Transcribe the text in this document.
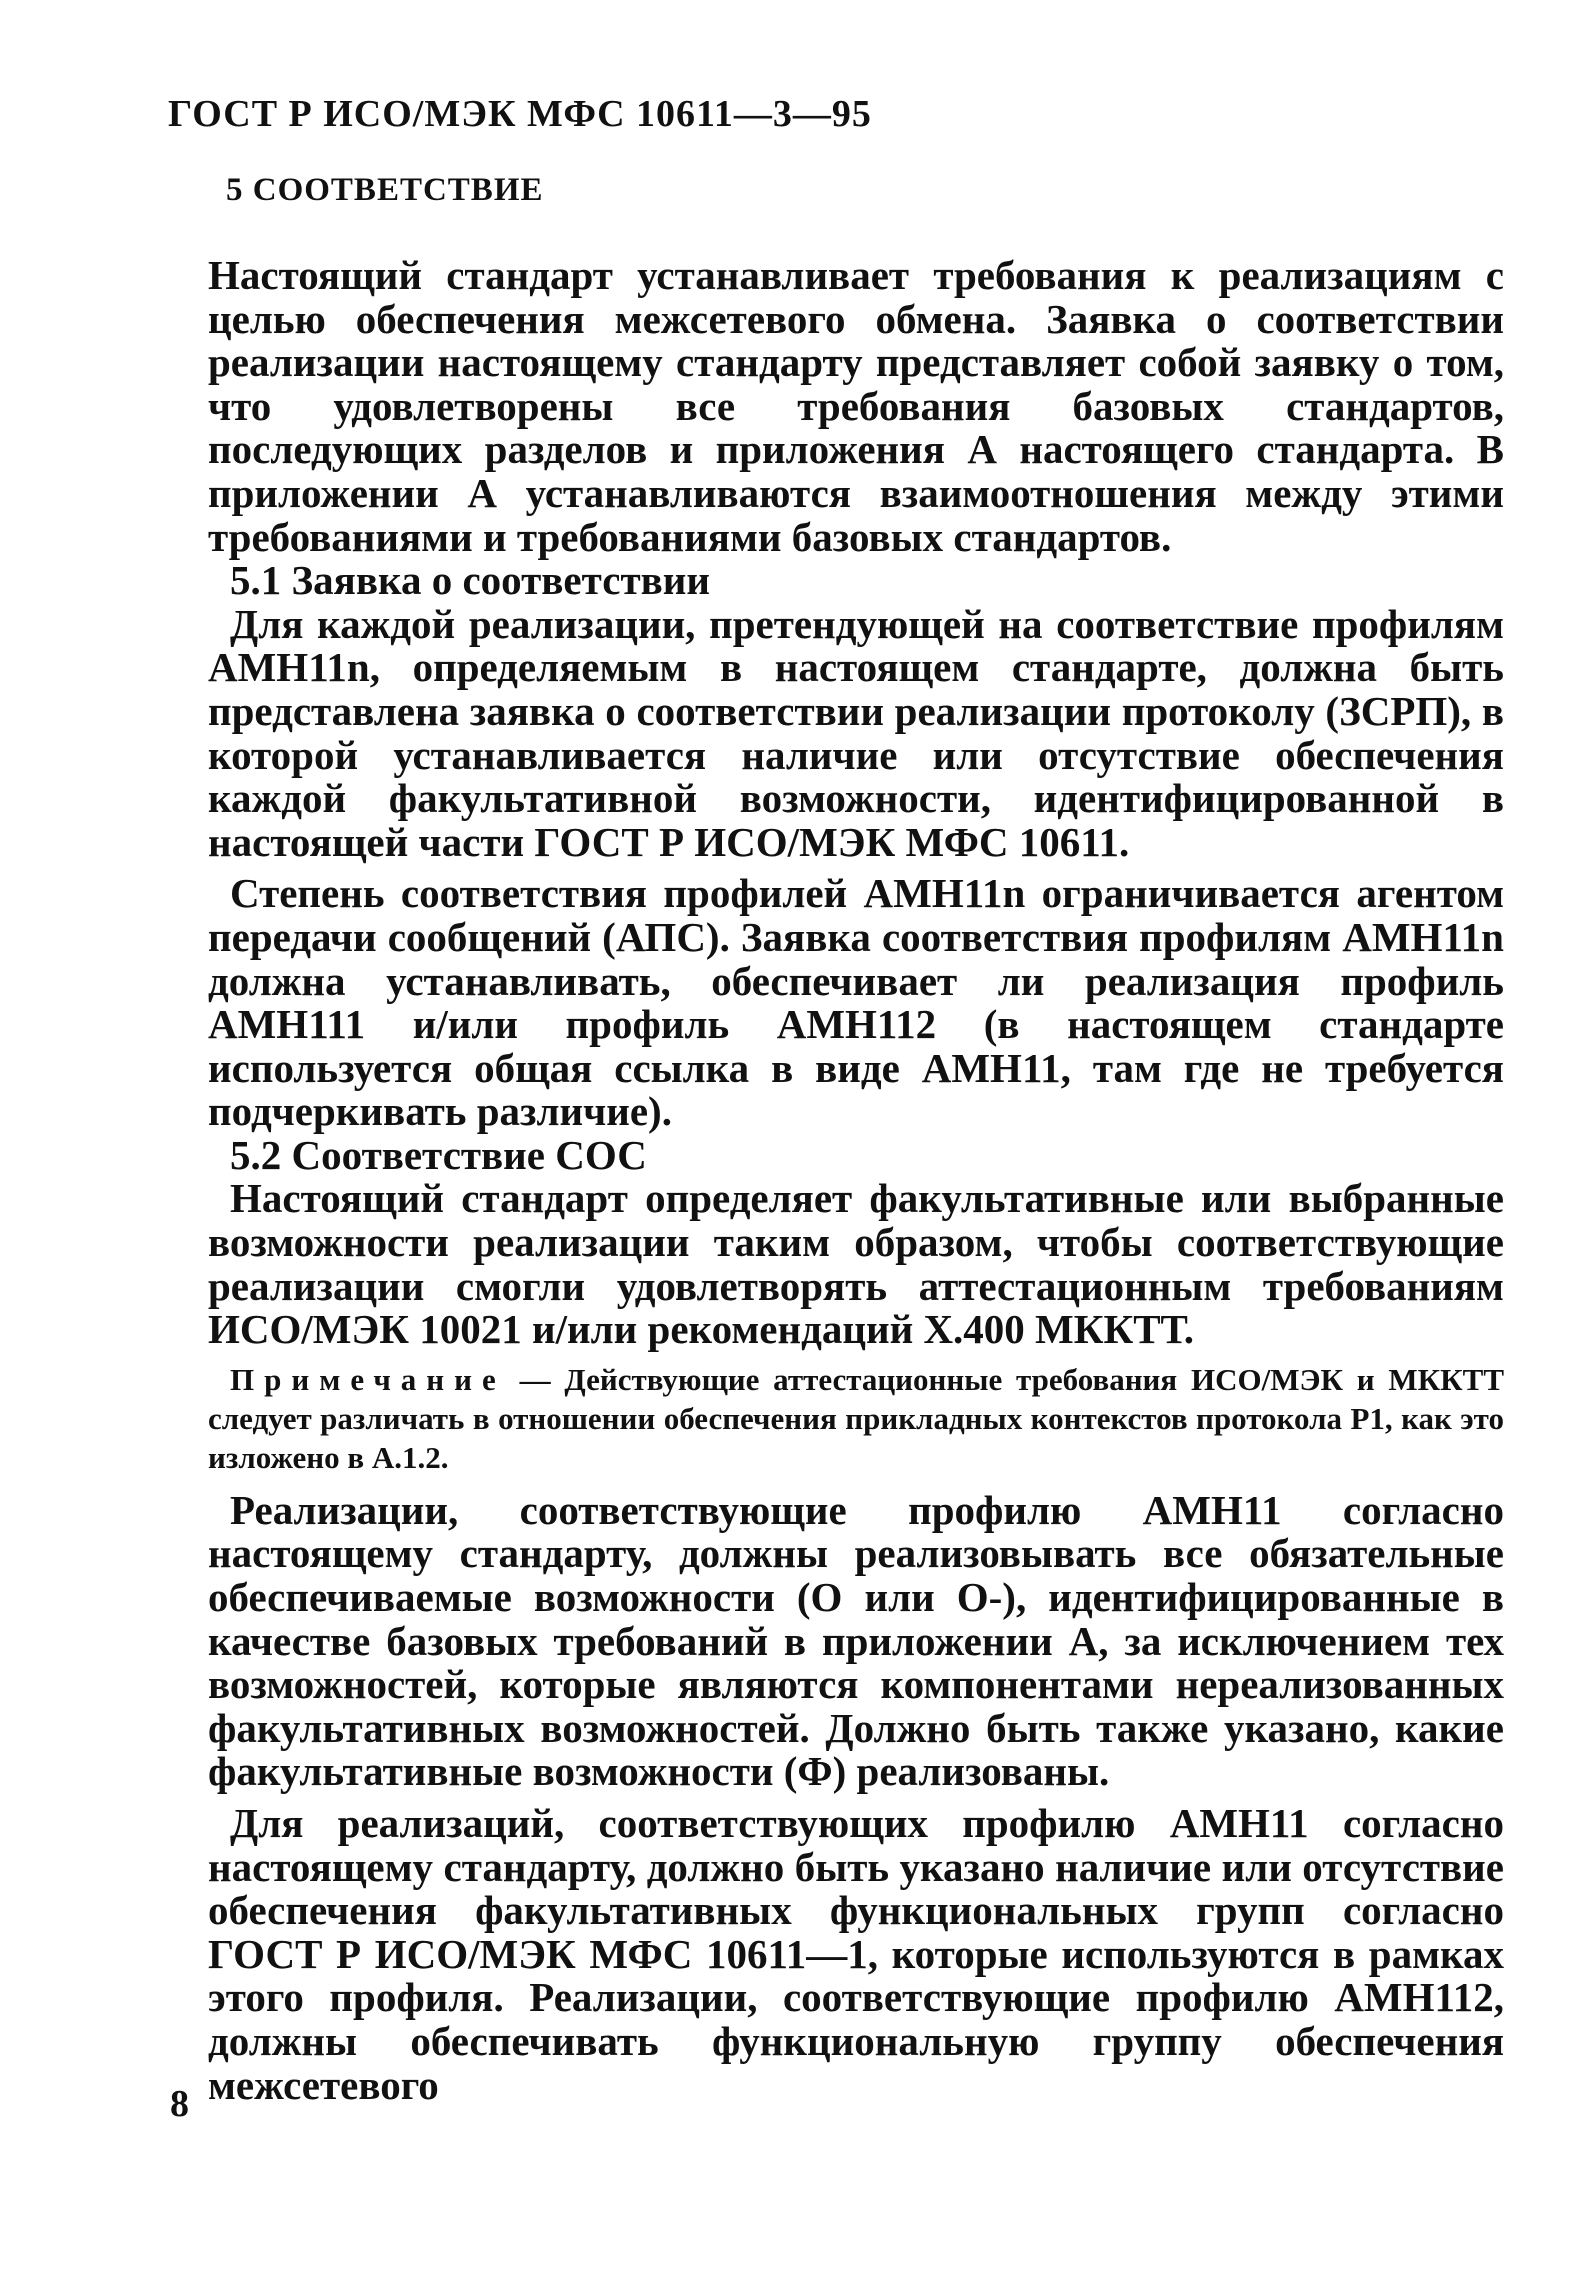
ГОСТ Р ИСО/МЭК МФС 10611—3—95
5 СООТВЕТСТВИЕ

Настоящий стандарт устанавливает требования к реализациям с целью обеспечения межсетевого обмена. Заявка о соответствии реализации настоящему стандарту представляет собой заявку о том, что удовлетворены все требования базовых стандартов, последующих разделов и приложения А настоящего стандарта. В приложении А устанавливаются взаимоотношения между этими требованиями и требованиями базовых стандартов.

5.1 Заявка о соответствии

Для каждой реализации, претендующей на соответствие профилям АМН11n, определяемым в настоящем стандарте, должна быть представлена заявка о соответствии реализации протоколу (ЗСРП), в которой устанавливается наличие или отсутствие обеспечения каждой факультативной возможности, идентифицированной в настоящей части ГОСТ Р ИСО/МЭК МФС 10611.

Степень соответствия профилей АМН11n ограничивается агентом передачи сообщений (АПС). Заявка соответствия профилям АМН11n должна устанавливать, обеспечивает ли реализация профиль АМН111 и/или профиль АМН112 (в настоящем стандарте используется общая ссылка в виде АМН11, там где не требуется подчеркивать различие).

5.2 Соответствие СОС

Настоящий стандарт определяет факультативные или выбранные возможности реализации таким образом, чтобы соответствующие реализации смогли удовлетворять аттестационным требованиям ИСО/МЭК 10021 и/или рекомендаций Х.400 МККТТ.

Примечание — Действующие аттестационные требования ИСО/МЭК и МККТТ следует различать в отношении обеспечения прикладных контекстов протокола Р1, как это изложено в А.1.2.

Реализации, соответствующие профилю АМН11 согласно настоящему стандарту, должны реализовывать все обязательные обеспечиваемые возможности (О или О-), идентифицированные в качестве базовых требований в приложении А, за исключением тех возможностей, которые являются компонентами нереализованных факультативных возможностей. Должно быть также указано, какие факультативные возможности (Ф) реализованы.

Для реализаций, соответствующих профилю АМН11 согласно настоящему стандарту, должно быть указано наличие или отсутствие обеспечения факультативных функциональных групп согласно ГОСТ Р ИСО/МЭК МФС 10611—1, которые используются в рамках этого профиля. Реализации, соответствующие профилю АМН112, должны обеспечивать функциональную группу обеспечения межсетевого

8
